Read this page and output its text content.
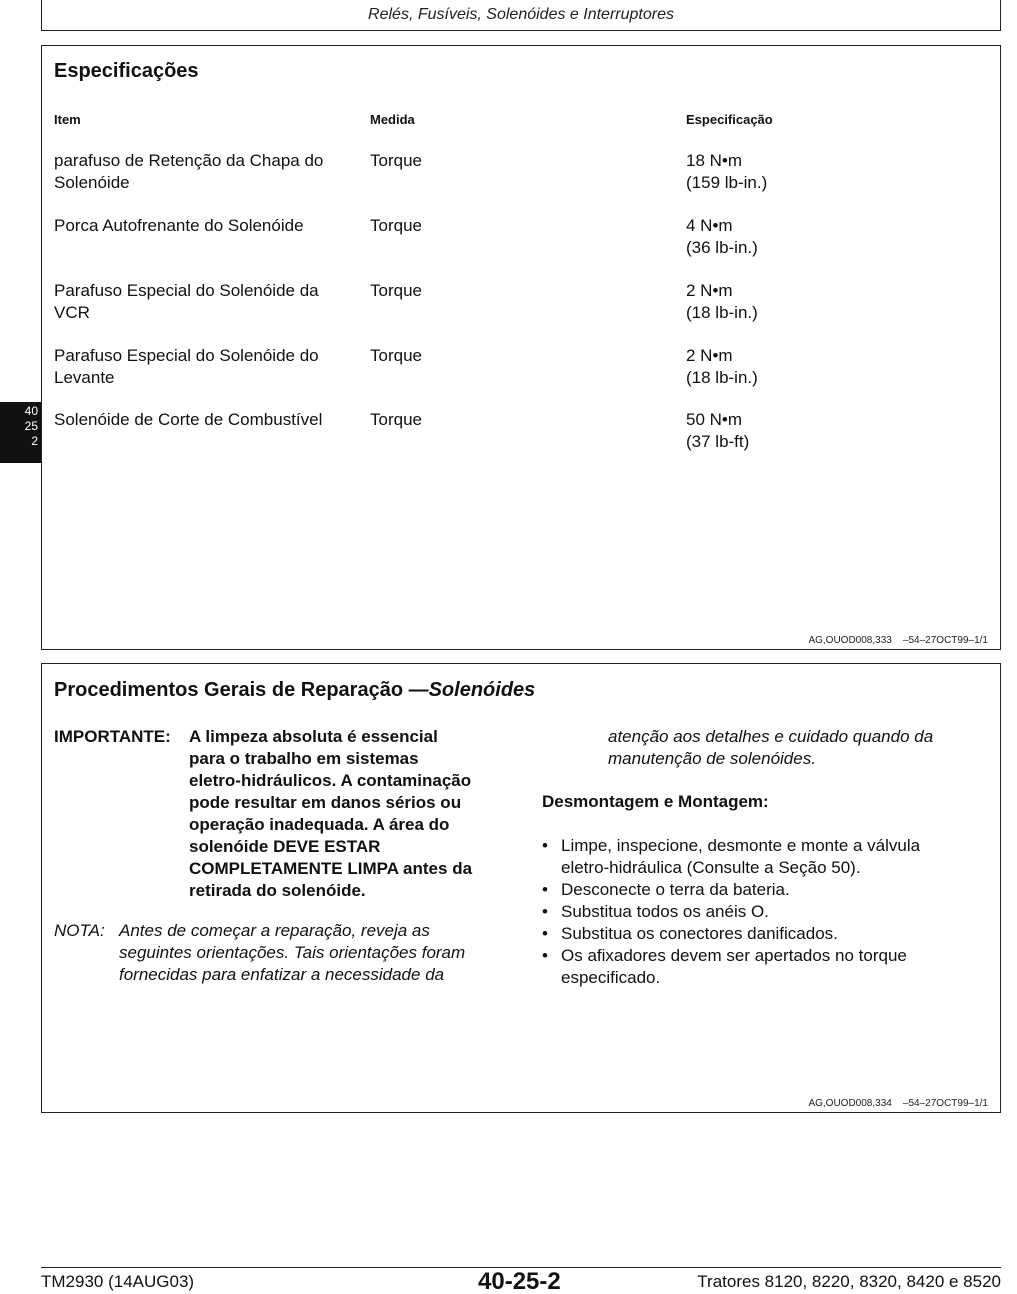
Relés, Fusíveis, Solenóides e Interruptores
40
25
2
Especificações
Item	Medida	Especificação
parafuso de Retenção da Chapa do
Solenóide
Torque	18 N•m
(159 lb-in.)
Porca Autofrenante do Solenóide	Torque	4 N•m
(36 lb-in.)
Parafuso Especial do Solenóide da
VCR
Torque	2 N•m
(18 lb-in.)
Parafuso Especial do Solenóide do
Levante
Torque	2 N•m
(18 lb-in.)
Solenóide de Corte de Combustível	Torque	50 N•m
(37 lb-ft)
AG,OUOD008,333    –54–27OCT99–1/1
Procedimentos Gerais de Reparação —Solenóides
IMPORTANTE: A limpeza absoluta é essencial
para o trabalho em sistemas
eletro-hidráulicos. A contaminação
pode resultar em danos sérios ou
operação inadequada. A área do
solenóide DEVE ESTAR
COMPLETAMENTE LIMPA antes da
retirada do solenóide.
NOTA: Antes de começar a reparação, reveja as
seguintes orientações. Tais orientações foram
fornecidas para enfatizar a necessidade da
atenção aos detalhes e cuidado quando da
manutenção de solenóides.
Desmontagem e Montagem:
• Limpe, inspecione, desmonte e monte a válvula
eletro-hidráulica (Consulte a Seção 50).
• Desconecte o terra da bateria.
• Substitua todos os anéis O.
• Substitua os conectores danificados.
• Os afixadores devem ser apertados no torque
especificado.
AG,OUOD008,334    –54–27OCT99–1/1
TM2930 (14AUG03)	40-25-2	Tratores 8120, 8220, 8320, 8420 e 8520
